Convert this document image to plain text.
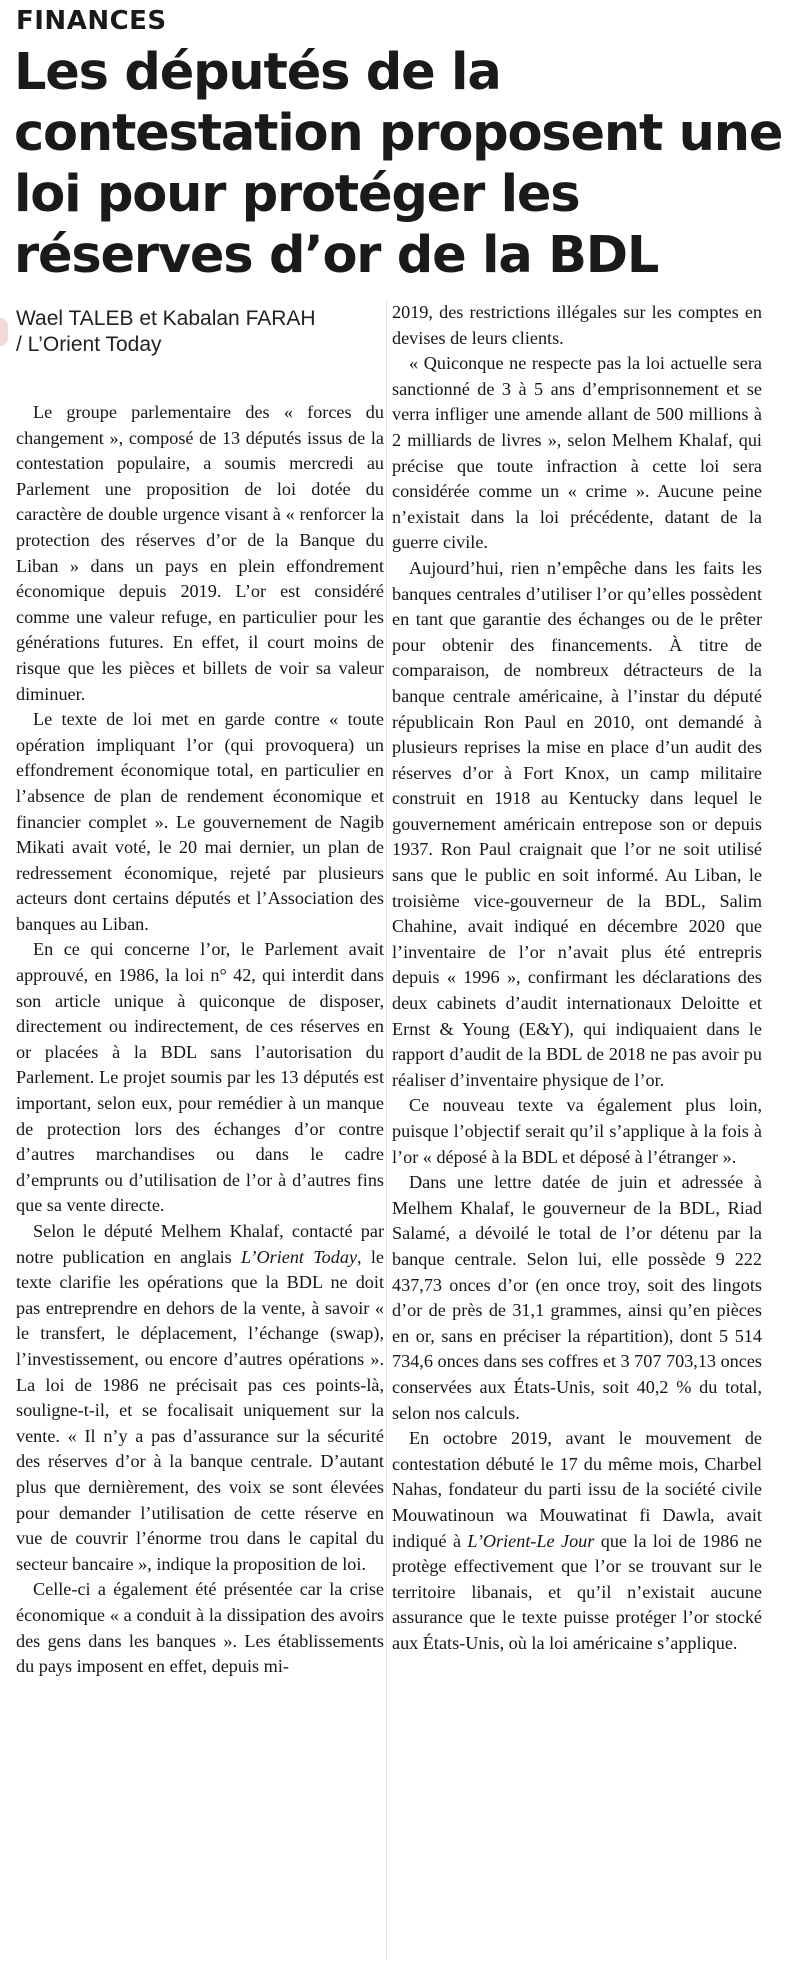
FINANCES
Les députés de la contestation proposent une loi pour protéger les réserves d’or de la BDL
Wael TALEB et Kabalan FARAH / L’Orient Today

Le groupe parlementaire des « forces du changement », composé de 13 députés issus de la contestation populaire, a soumis mercredi au Parlement une proposition de loi dotée du caractère de double urgence visant à « renforcer la protection des réserves d’or de la Banque du Liban » dans un pays en plein effondrement économique depuis 2019. L’or est considéré comme une valeur refuge, en particulier pour les générations futures. En effet, il court moins de risque que les pièces et billets de voir sa valeur diminuer.

Le texte de loi met en garde contre « toute opération impliquant l’or (qui provoquera) un effondrement économique total, en particulier en l’absence de plan de rendement économique et financier complet ». Le gouvernement de Nagib Mikati avait voté, le 20 mai dernier, un plan de redressement économique, rejeté par plusieurs acteurs dont certains députés et l’Association des banques au Liban.

En ce qui concerne l’or, le Parlement avait approuvé, en 1986, la loi n° 42, qui interdit dans son article unique à quiconque de disposer, directement ou indirectement, de ces réserves en or placées à la BDL sans l’autorisation du Parlement. Le projet soumis par les 13 députés est important, selon eux, pour remédier à un manque de protection lors des échanges d’or contre d’autres marchandises ou dans le cadre d’emprunts ou d’utilisation de l’or à d’autres fins que sa vente directe.

Selon le député Melhem Khalaf, contacté par notre publication en anglais L’Orient Today, le texte clarifie les opérations que la BDL ne doit pas entreprendre en dehors de la vente, à savoir « le transfert, le déplacement, l’échange (swap), l’investissement, ou encore d’autres opérations ». La loi de 1986 ne précisait pas ces points-là, souligne-t-il, et se focalisait uniquement sur la vente. « Il n’y a pas d’assurance sur la sécurité des réserves d’or à la banque centrale. D’autant plus que dernièrement, des voix se sont élevées pour demander l’utilisation de cette réserve en vue de couvrir l’énorme trou dans le capital du secteur bancaire », indique la proposition de loi.

Celle-ci a également été présentée car la crise économique « a conduit à la dissipation des avoirs des gens dans les banques ». Les établissements du pays imposent en effet, depuis mi-

2019, des restrictions illégales sur les comptes en devises de leurs clients.

« Quiconque ne respecte pas la loi actuelle sera sanctionné de 3 à 5 ans d’emprisonnement et se verra infliger une amende allant de 500 millions à 2 milliards de livres », selon Melhem Khalaf, qui précise que toute infraction à cette loi sera considérée comme un « crime ». Aucune peine n’existait dans la loi précédente, datant de la guerre civile.

Aujourd’hui, rien n’empêche dans les faits les banques centrales d’utiliser l’or qu’elles possèdent en tant que garantie des échanges ou de le prêter pour obtenir des financements. À titre de comparaison, de nombreux détracteurs de la banque centrale américaine, à l’instar du député républicain Ron Paul en 2010, ont demandé à plusieurs reprises la mise en place d’un audit des réserves d’or à Fort Knox, un camp militaire construit en 1918 au Kentucky dans lequel le gouvernement américain entrepose son or depuis 1937. Ron Paul craignait que l’or ne soit utilisé sans que le public en soit informé. Au Liban, le troisième vice-gouverneur de la BDL, Salim Chahine, avait indiqué en décembre 2020 que l’inventaire de l’or n’avait plus été entrepris depuis « 1996 », confirmant les déclarations des deux cabinets d’audit internationaux Deloitte et Ernst & Young (E&Y), qui indiquaient dans le rapport d’audit de la BDL de 2018 ne pas avoir pu réaliser d’inventaire physique de l’or.

Ce nouveau texte va également plus loin, puisque l’objectif serait qu’il s’applique à la fois à l’or « déposé à la BDL et déposé à l’étranger ».

Dans une lettre datée de juin et adressée à Melhem Khalaf, le gouverneur de la BDL, Riad Salamé, a dévoilé le total de l’or détenu par la banque centrale. Selon lui, elle possède 9 222 437,73 onces d’or (en once troy, soit des lingots d’or de près de 31,1 grammes, ainsi qu’en pièces en or, sans en préciser la répartition), dont 5 514 734,6 onces dans ses coffres et 3 707 703,13 onces conservées aux États-Unis, soit 40,2 % du total, selon nos calculs.

En octobre 2019, avant le mouvement de contestation débuté le 17 du même mois, Charbel Nahas, fondateur du parti issu de la société civile Mouwatinoun wa Mouwatinat fi Dawla, avait indiqué à L’Orient-Le Jour que la loi de 1986 ne protège effectivement que l’or se trouvant sur le territoire libanais, et qu’il n’existait aucune assurance que le texte puisse protéger l’or stocké aux États-Unis, où la loi américaine s’applique.
